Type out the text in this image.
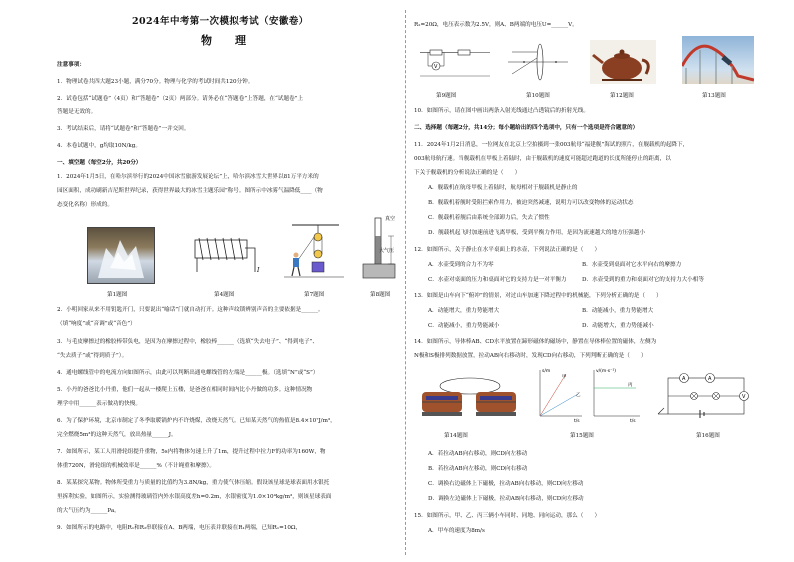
2024年中考第一次模拟考试（安徽卷）
物　理
注意事项：
1．物理试卷共四大题23小题，满分70分。物理与化学的考试时间共120分钟。
2．试卷包括“试题卷”（4页）和“答题卷”（2页）两部分。请务必在“答题卷”上答题，在“试题卷”上
答题是无效的。
3．考试结束后，请将“试题卷”和“答题卷”一并交回。
4．本卷试题中，g均取10N/kg。
一、填空题（每空2分，共20分）
1．2024年1月5日，在哈尔滨举行的2024中国冰雪旅游发展论坛”上，哈尔滨冰雪大世界以81万平方米的
园区面积，成功刷新吉尼斯世界纪录，获得世界最大的冰雪主题乐园”称号。图所示中冰雾气温降低____（物
态变化名称）形成的。
I
真空
大气压
第1题图	第4题图	第7题图	第8题图
2．小明回家从来不用钥匙开门，只要说出“喻话”门就自动打开。这种声纹锁辨别声音的主要依据是______。
（填“响度”或“音调”或“音色”）
3．与毛皮摩擦过的橡胶棒带负电，是因为在摩擦过程中，橡胶棒______（选填“失去电子”、“得到电子”、
“失去质子”或“得到质子”）。
4．通电螺线管中的电流方向如图所示，由此可以判断出通电螺线管的左端是______极。（选填“N”或“S”）
5．小丹的爸爸比小丹重，他们一起从一楼爬上五楼，是爸爸在相同时间内比小丹做的功多。这种情况物
理学中用______表示做功的快慢。
6．为了保护环境，北京市制定了冬季取暖锅炉内不许烧煤，改烧天然气。已知某天然气的热值是8.4×10⁷J/m³，
完全燃烧5m³的这种天然气，放出热量______J。
7．如图所示，某工人用滑轮组提升重物，5s内将物体匀速上升了1m，提升过程中拉力F的功率为160W，物
体重720N，滑轮组的机械效率是______%（不计绳重和摩擦）。
8．某某探究某物。物体所受重力与质量的比值约为3.8N/kg，重力使气体压缩。假设该星球是球表面用水银托
里拆利实验，如图所示，实验测得玻璃管内外水银高度差h=0.2m，水银密度为1.0×10⁴kg/m³，则该星球表面
的大气压约为______Pa。
9．如图所示的电路中，电阻R₁和R₂串联接在A、B两端，电压表并联接在R₁两端，已知R₁=10Ω，
R₂=20Ω，电压表示数为2.5V，则A、B两端的电压U=______V。
V
第9题图	第10题图	第12题图	第13题图
10．如图所示，请在图中画出两条入射光线通过凸透镜后的折射光线。
二、选择题（每题2分，共14分；每小题给出的四个选项中，只有一个选项是符合题意的）
11．2024年1月2日消息，一位网友在北京上空拍摄到一张003航母“福建舰”海试的照片，在舰载机的起降下，
003航母航行速。当舰载机在甲板上着陆时，由于舰载机的速度可能超过跑道的长度所能停止的距离，以
下关于舰载机的分析说法正确的是（　　）
A．舰载机在航母甲板上着陆时，航母相对于舰载机是静止的
B．舰载机着舰时受阻拦索作用力，被迫突然减速，说明力可以改变物体的运动状态
C．舰载机着舰后由系统全部卸力后，失去了惯性
D．舰载机起飞时加速前进飞离甲板，受到平衡力作用，是因为流速越大的地方压强越小
12．如图所示，关于静止在水平桌面上的水壶，下列说法正确的是（　　）
A．水壶受到的合力不为零	B．水壶受到桌面对它水平向右的摩擦力
C．水壶对桌面的压力和桌面对它的支持力是一对平衡力	D．水壶受到的重力和桌面对它的支持力大小相等
13．如图是山车向下“俯冲”的情景，对过山车加速下降过程中的机械能，下列分析正确的是（　　）
A．动能增大，重力势能增大	B．动能减小，重力势能增大
C．动能减小，重力势能减小	D．动能增大，重力势能减小
14．如图所示，导体棒AB、CD水平放置在蹄形磁体的磁场中，静置在导体棒位置的磁体，左侧为
N极和S极排列数据放置，拉动AB向右移动时，发现CD向右移动，下列判断正确的是（　　）
s/m	v/(m·s⁻¹)
t/s	t/s
甲
乙
丙
A	A
V
第14题图	第15题图	第16题图
A．若拉动AB向右移动，则CD向左移动
B．若拉动AB向左移动，则CD向右移动
C．调换右边磁体上下磁极，拉动AB向右移动，则CD向左移动
D．调换左边磁体上下磁极，拉动AB向右移动，则CD向左移动
15．如图所示，甲、乙、丙三辆小车同时、同地、同向运动，那么（　　）
A．甲车的速度为8m/s
